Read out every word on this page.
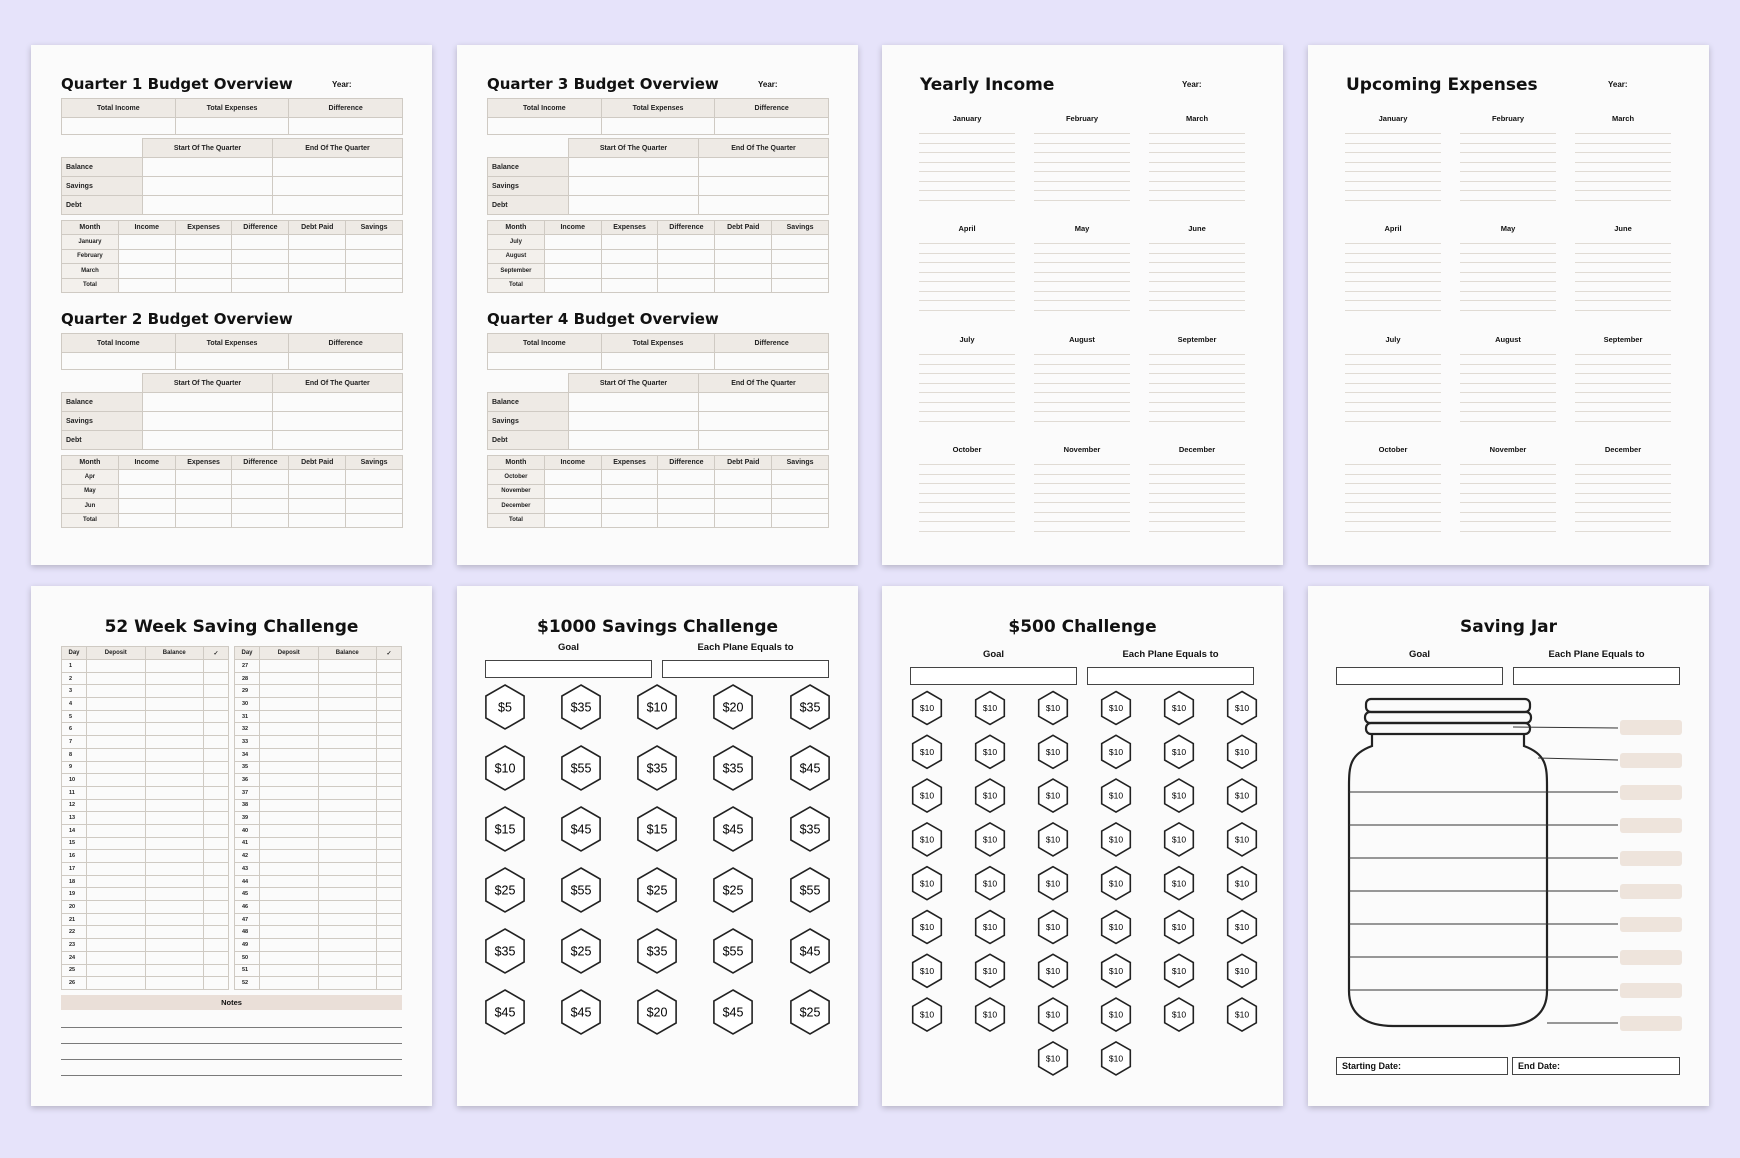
Quarter 1 Budget Overview	Year:
Total Income	Total Expenses	Difference

	Start Of The Quarter	End Of The Quarter
Balance		
Savings		
Debt		
Month	Income	Expenses	Difference	Debt Paid	Savings
January					
February					
March					
Total					
Quarter 2 Budget Overview
Total Income	Total Expenses	Difference

	Start Of The Quarter	End Of The Quarter
Balance		
Savings		
Debt		
Month	Income	Expenses	Difference	Debt Paid	Savings
Apr					
May					
Jun					
Total					
Quarter 3 Budget Overview	Year:
Total Income	Total Expenses	Difference

	Start Of The Quarter	End Of The Quarter
Balance		
Savings		
Debt		
Month	Income	Expenses	Difference	Debt Paid	Savings
July					
August					
September					
Total					
Quarter 4 Budget Overview
Total Income	Total Expenses	Difference

	Start Of The Quarter	End Of The Quarter
Balance		
Savings		
Debt		
Month	Income	Expenses	Difference	Debt Paid	Savings
October					
November					
December					
Total					
Yearly Income	Year:
January	February	March
April	May	June
July	August	September
October	November	December
Upcoming Expenses	Year:
January	February	March
April	May	June
July	August	September
October	November	December
52 Week Saving Challenge
Day	Deposit	Balance	✓
1			
2			
3			
4			
5			
6			
7			
8			
9			
10			
11			
12			
13			
14			
15			
16			
17			
18			
19			
20			
21			
22			
23			
24			
25			
26			
Day	Deposit	Balance	✓
27			
28			
29			
30			
31			
32			
33			
34			
35			
36			
37			
38			
39			
40			
41			
42			
43			
44			
45			
46			
47			
48			
49			
50			
51			
52			
Notes
$1000 Savings Challenge
Goal	Each Plane Equals to
$5	$35	$10	$20	$35
$10	$55	$35	$35	$45
$15	$45	$15	$45	$35
$25	$55	$25	$25	$55
$35	$25	$35	$55	$45
$45	$45	$20	$45	$25
$500 Challenge
Goal	Each Plane Equals to
$10	$10	$10	$10	$10	$10
$10	$10	$10	$10	$10	$10
$10	$10	$10	$10	$10	$10
$10	$10	$10	$10	$10	$10
$10	$10	$10	$10	$10	$10
$10	$10	$10	$10	$10	$10
$10	$10	$10	$10	$10	$10
$10	$10	$10	$10	$10	$10
$10	$10
Saving Jar
Goal	Each Plane Equals to
Starting Date:	End Date:
